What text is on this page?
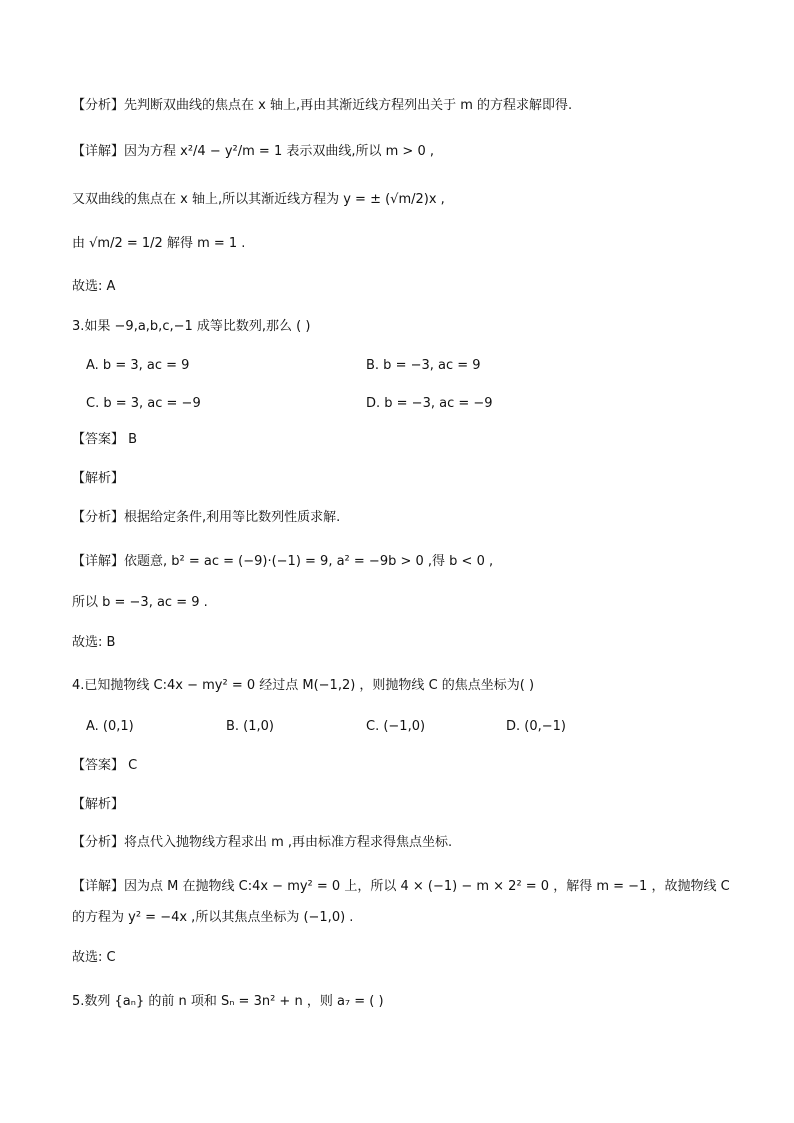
【分析】先判断双曲线的焦点在 x 轴上,再由其渐近线方程列出关于 m 的方程求解即得.
【详解】因为方程 x²/4 − y²/m = 1 表示双曲线,所以 m > 0 ,
又双曲线的焦点在 x 轴上,所以其渐近线方程为 y = ± (√m/2)x ,
由 √m/2 = 1/2 解得 m = 1 .
故选: A
3.如果 −9,a,b,c,−1 成等比数列,那么 ( )
A. b = 3, ac = 9	B. b = −3, ac = 9
C. b = 3, ac = −9	D. b = −3, ac = −9
【答案】 B
【解析】
【分析】根据给定条件,利用等比数列性质求解.
【详解】依题意, b² = ac = (−9)·(−1) = 9, a² = −9b > 0 ,得 b < 0 ,
所以 b = −3, ac = 9 .
故选: B
4.已知抛物线 C:4x − my² = 0 经过点 M(−1,2) ，则抛物线 C 的焦点坐标为( )
A. (0,1)	B. (1,0)	C. (−1,0)	D. (0,−1)
【答案】 C
【解析】
【分析】将点代入抛物线方程求出 m ,再由标准方程求得焦点坐标.
【详解】因为点 M 在抛物线 C:4x − my² = 0 上，所以 4 × (−1) − m × 2² = 0 ，解得 m = −1 ，故抛物线 C
的方程为 y² = −4x ,所以其焦点坐标为 (−1,0) .
故选: C
5.数列 {aₙ} 的前 n 项和 Sₙ = 3n² + n ，则 a₇ = ( )
